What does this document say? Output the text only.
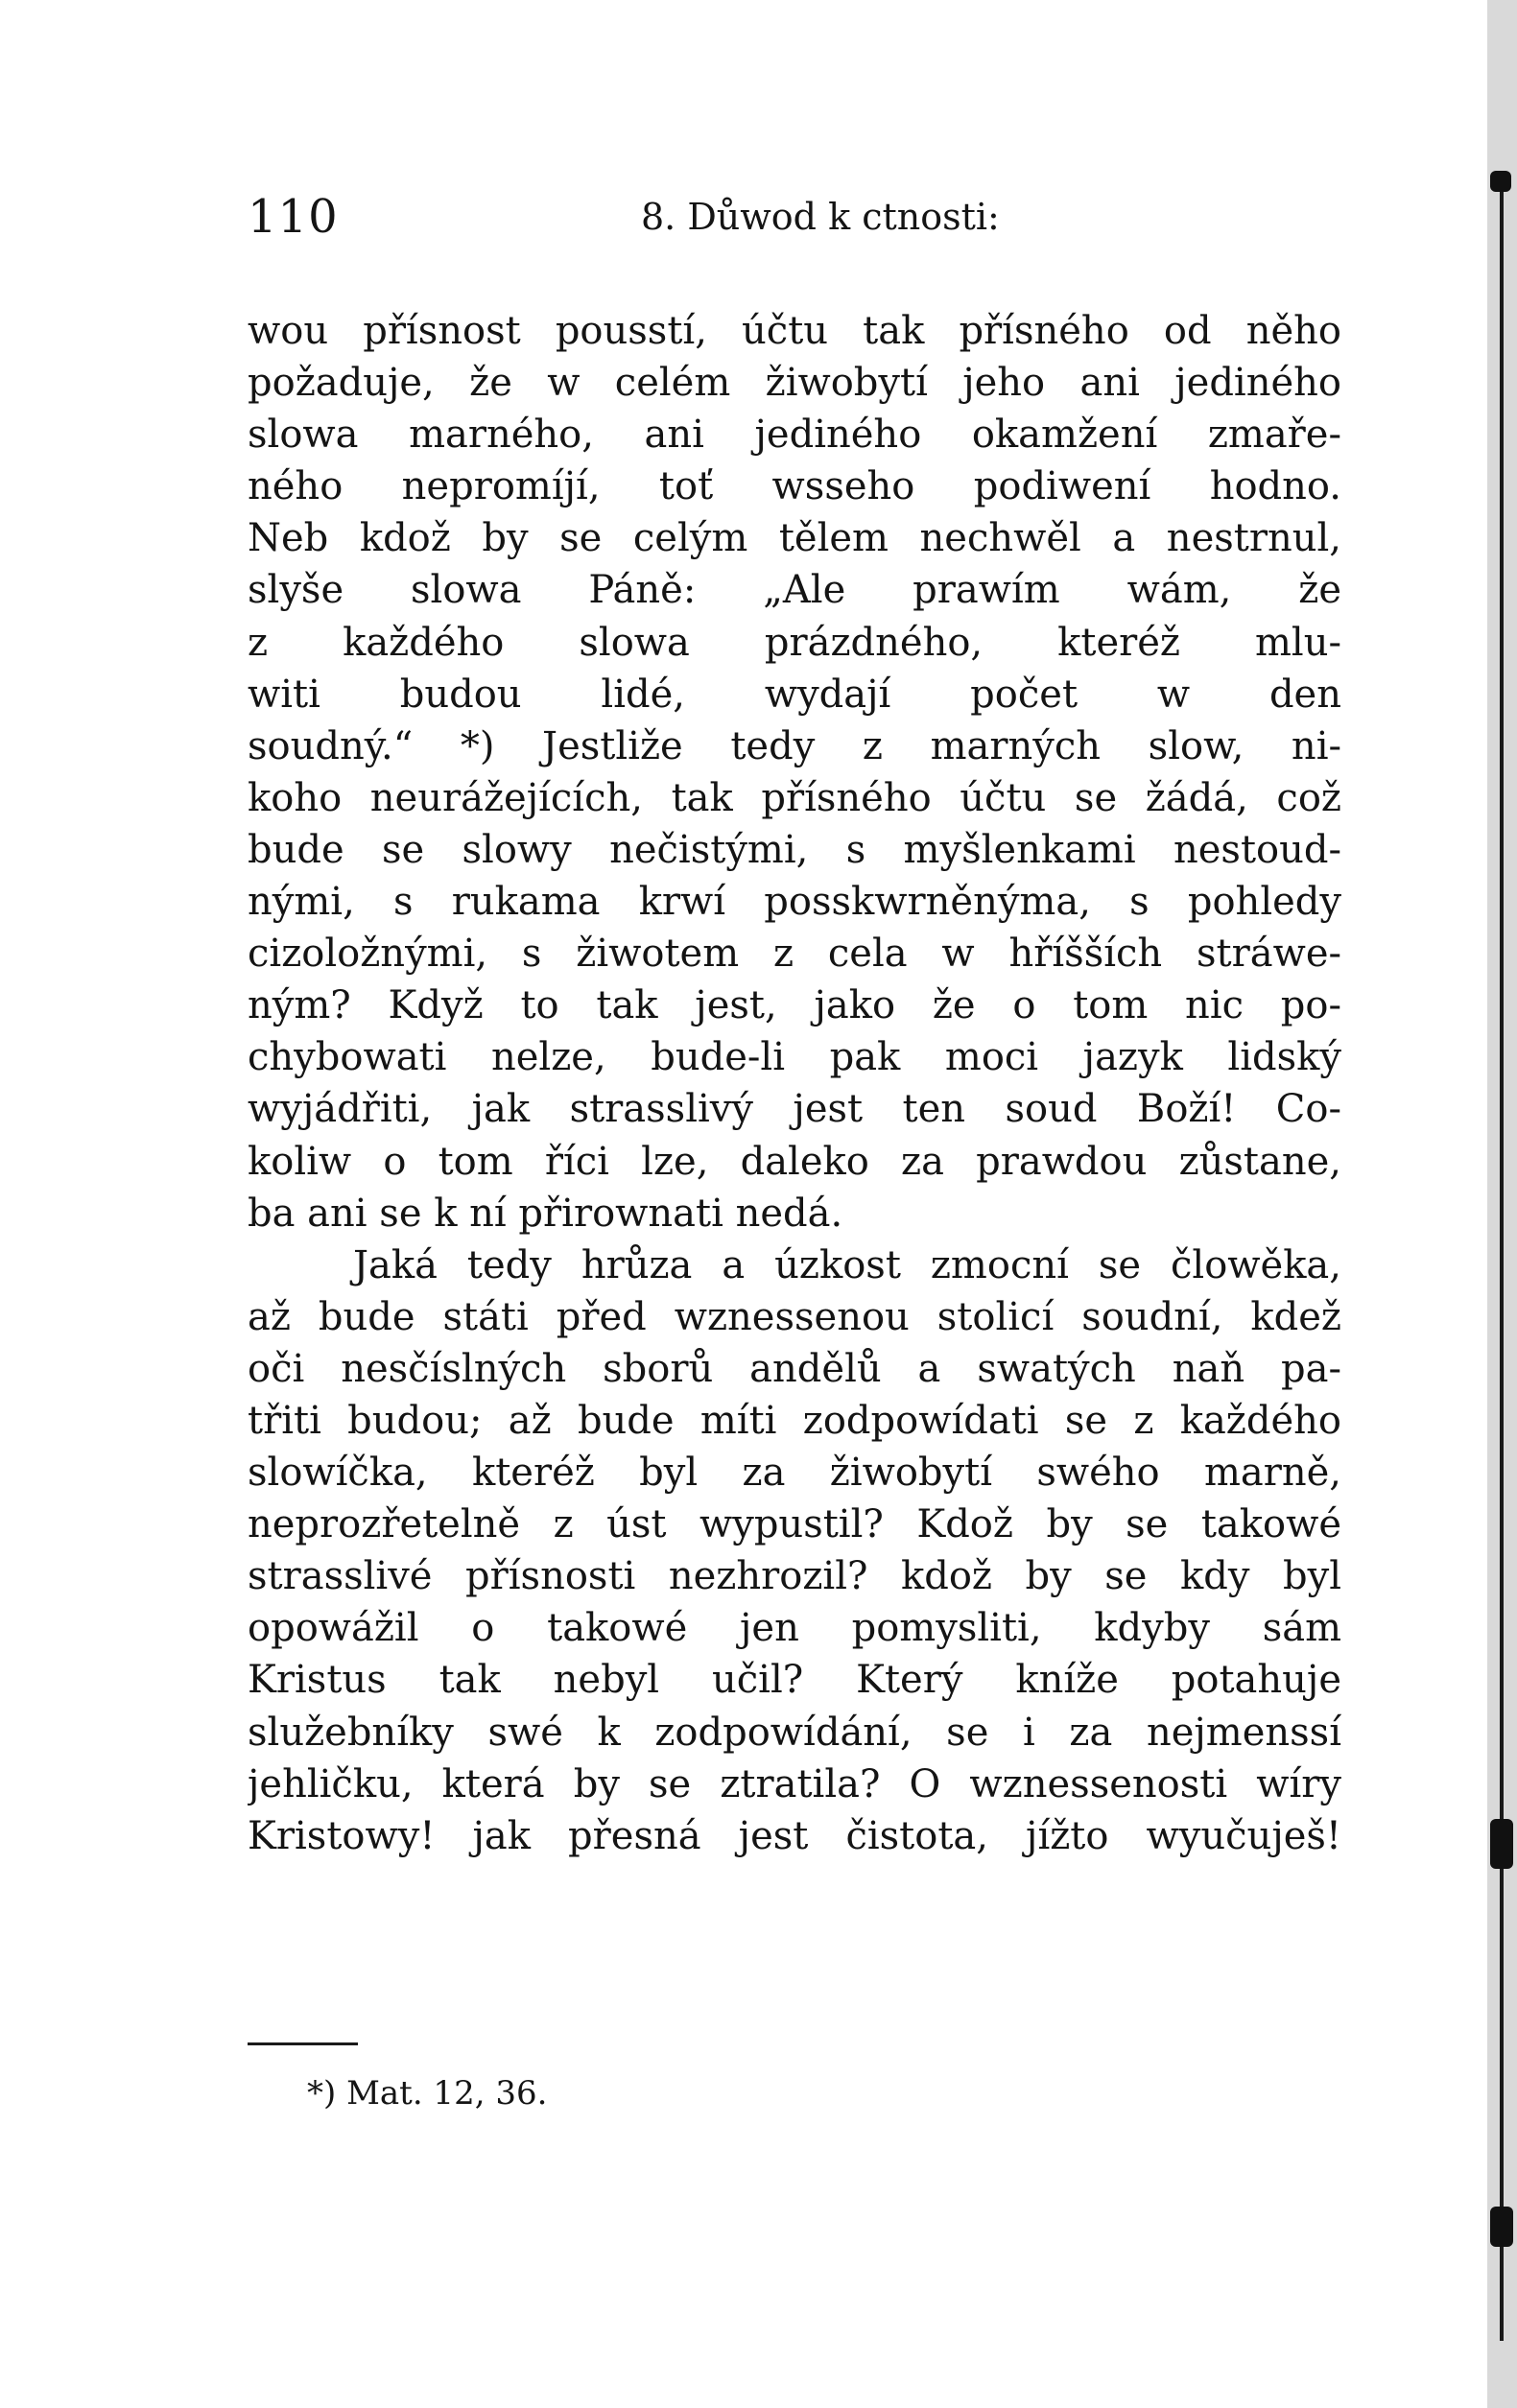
110	8. Důwod k ctnosti:
wou přísnost pousstí, účtu tak přísného od něho
požaduje, že w celém žiwobytí jeho ani jediného
slowa marného, ani jediného okamžení zmaře-
ného nepromíjí, toť wsseho podiwení hodno.
Neb kdož by se celým tělem nechwěl a nestrnul,
slyše slowa Páně: „Ale prawím wám, že
z každého slowa prázdného, kteréž mlu-
witi budou lidé, wydají počet w den
soudný.“ *) Jestliže tedy z marných slow, ni-
koho neurážejících, tak přísného účtu se žádá, což
bude se slowy nečistými, s myšlenkami nestoud-
nými, s rukama krwí posskwrněnýma, s pohledy
cizoložnými, s žiwotem z cela w hříšších stráwe-
ným? Když to tak jest, jako že o tom nic po-
chybowati nelze, bude-li pak moci jazyk lidský
wyjádřiti, jak strasslivý jest ten soud Boží! Co-
koliw o tom říci lze, daleko za prawdou zůstane,
ba ani se k ní přirownati nedá.
Jaká tedy hrůza a úzkost zmocní se člowěka,
až bude státi před wznessenou stolicí soudní, kdež
oči nesčíslných sborů andělů a swatých naň pa-
třiti budou; až bude míti zodpowídati se z každého
slowíčka, kteréž byl za žiwobytí swého marně,
neprozřetelně z úst wypustil? Kdož by se takowé
strasslivé přísnosti nezhrozil? kdož by se kdy byl
opowážil o takowé jen pomysliti, kdyby sám
Kristus tak nebyl učil? Který kníže potahuje
služebníky swé k zodpowídání, se i za nejmenssí
jehličku, která by se ztratila? O wznessenosti wíry
Kristowy! jak přesná jest čistota, jížto wyučuješ!
*) Mat. 12, 36.
